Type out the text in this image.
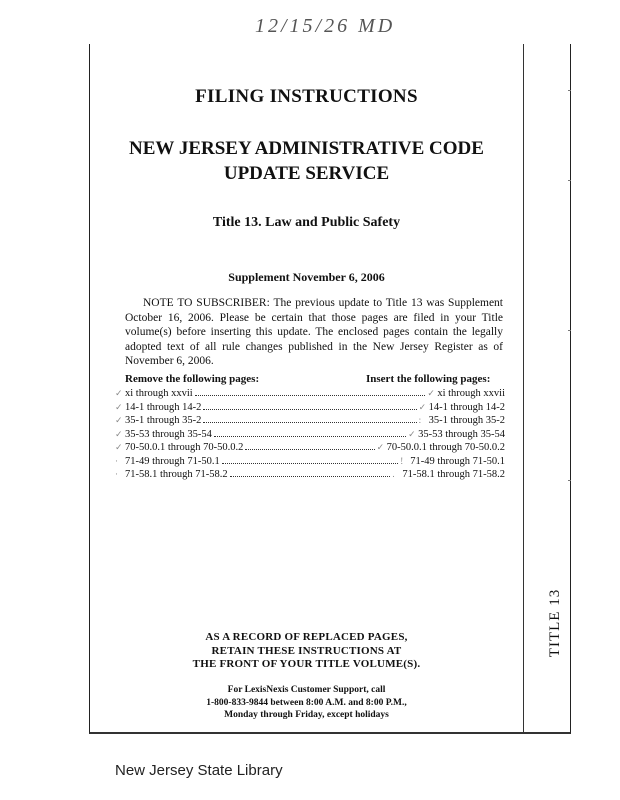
12/15/26 MD
FILING INSTRUCTIONS
NEW JERSEY ADMINISTRATIVE CODE
UPDATE SERVICE
Title 13. Law and Public Safety
Supplement November 6, 2006
NOTE TO SUBSCRIBER: The previous update to Title 13 was Supplement October 16, 2006. Please be certain that those pages are filed in your Title volume(s) before inserting this update. The enclosed pages contain the legally adopted text of all rule changes published in the New Jersey Register as of November 6, 2006.
Remove the following pages:	Insert the following pages:
✓ xi through xxvii	✓ xi through xxvii
✓ 14-1 through 14-2	✓ 14-1 through 14-2
✓ 35-1 through 35-2	: 35-1 through 35-2
✓ 35-53 through 35-54	✓ 35-53 through 35-54
✓ 70-50.0.1 through 70-50.0.2	✓ 70-50.0.1 through 70-50.0.2
· 71-49 through 71-50.1	! 71-49 through 71-50.1
· 71-58.1 through 71-58.2	. 71-58.1 through 71-58.2
AS A RECORD OF REPLACED PAGES,
RETAIN THESE INSTRUCTIONS AT
THE FRONT OF YOUR TITLE VOLUME(S).
For LexisNexis Customer Support, call
1-800-833-9844 between 8:00 A.M. and 8:00 P.M.,
Monday through Friday, except holidays
TITLE 13
New Jersey State Library
